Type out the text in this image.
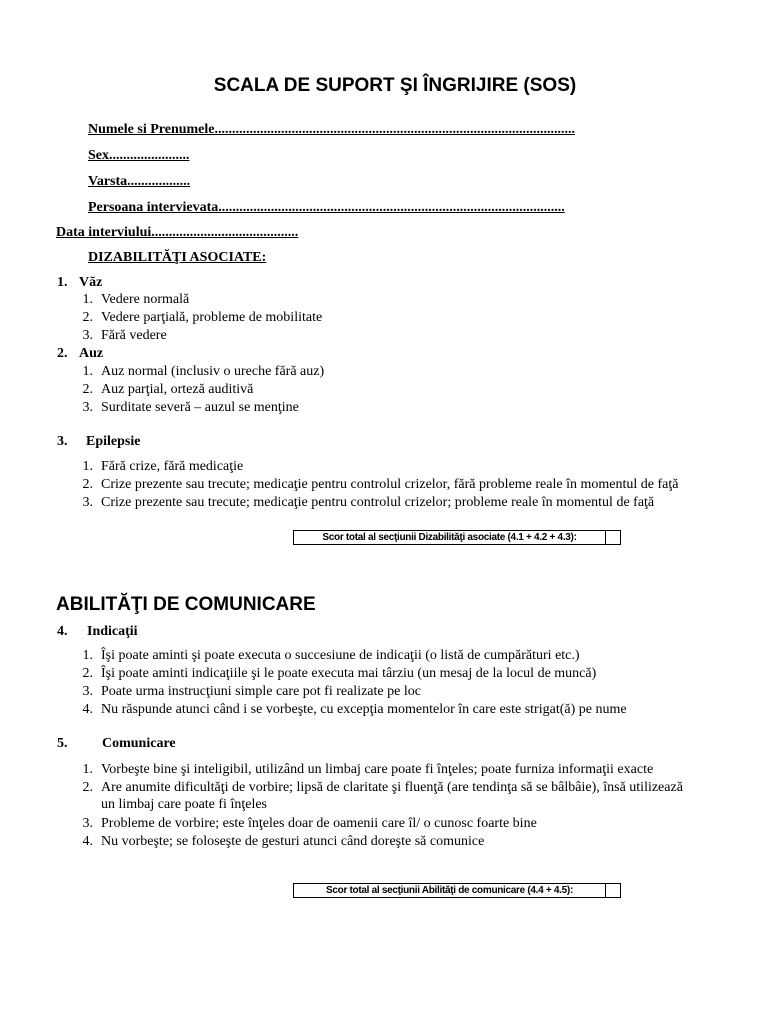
SCALA DE SUPORT ŞI ÎNGRIJIRE (SOS)
Numele si Prenumele.......................................................................................................
Sex.......................
Varsta..................
Persoana intervievata...................................................................................................
Data interviului..........................................
DIZABILITĂŢI ASOCIATE:
1. Văz
1. Vedere normală
2. Vedere parţială, probleme de mobilitate
3. Fără vedere
2. Auz
1. Auz normal (inclusiv o ureche fără auz)
2. Auz parţial, orteză auditivă
3. Surditate severă – auzul se menţine
3. Epilepsie
1. Fără crize, fără medicaţie
2. Crize prezente sau trecute; medicaţie pentru controlul crizelor, fără probleme reale în momentul de faţă
3. Crize prezente sau trecute; medicaţie pentru controlul crizelor; probleme reale în momentul de faţă
Scor total al secţiunii Dizabilităţi asociate (4.1 + 4.2 + 4.3):
ABILITĂŢI DE COMUNICARE
4. Indicaţii
1. Îşi poate aminti şi poate executa o succesiune de indicaţii (o listă de cumpărături etc.)
2. Îşi poate aminti indicaţiile şi le poate executa mai târziu (un mesaj de la locul de muncă)
3. Poate urma instrucţiuni simple care pot fi realizate pe loc
4. Nu răspunde atunci când i se vorbeşte, cu excepţia momentelor în care este strigat(ă) pe nume
5. Comunicare
1. Vorbeşte bine şi inteligibil, utilizând un limbaj care poate fi înţeles; poate furniza informaţii exacte
2. Are anumite dificultăţi de vorbire; lipsă de claritate şi fluenţă (are tendinţa să se bâlbâie), însă utilizează
un limbaj care poate fi înţeles
3. Probleme de vorbire; este înţeles doar de oamenii care îl/ o cunosc foarte bine
4. Nu vorbeşte; se foloseşte de gesturi atunci când doreşte să comunice
Scor total al secţiunii Abilităţi de comunicare (4.4 + 4.5):
